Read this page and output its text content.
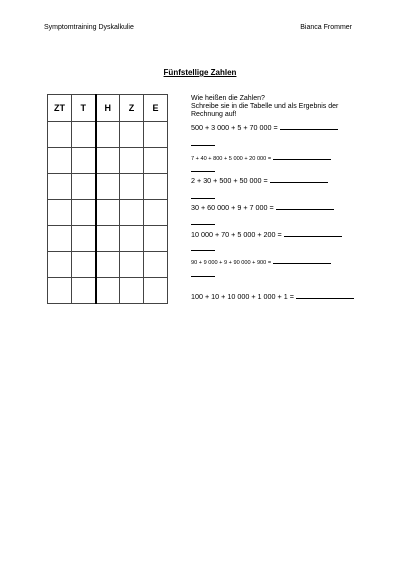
Symptomtraining Dyskalkulie	Bianca Frommer
Fünfstellige Zahlen
ZT	T	H	Z	E

Wie heißen die Zahlen?
Schreibe sie in die Tabelle und als Ergebnis der
Rechnung auf!
500 + 3 000 + 5 + 70 000 =
7 + 40 + 800 + 5 000 + 20 000 =
2 + 30 + 500 + 50 000 =
30 + 60 000 + 9 + 7 000 =
10 000 + 70 + 5 000 + 200 =
90 + 9 000 + 9 + 90 000 + 900 =
100 + 10 + 10 000 + 1 000 + 1 =
